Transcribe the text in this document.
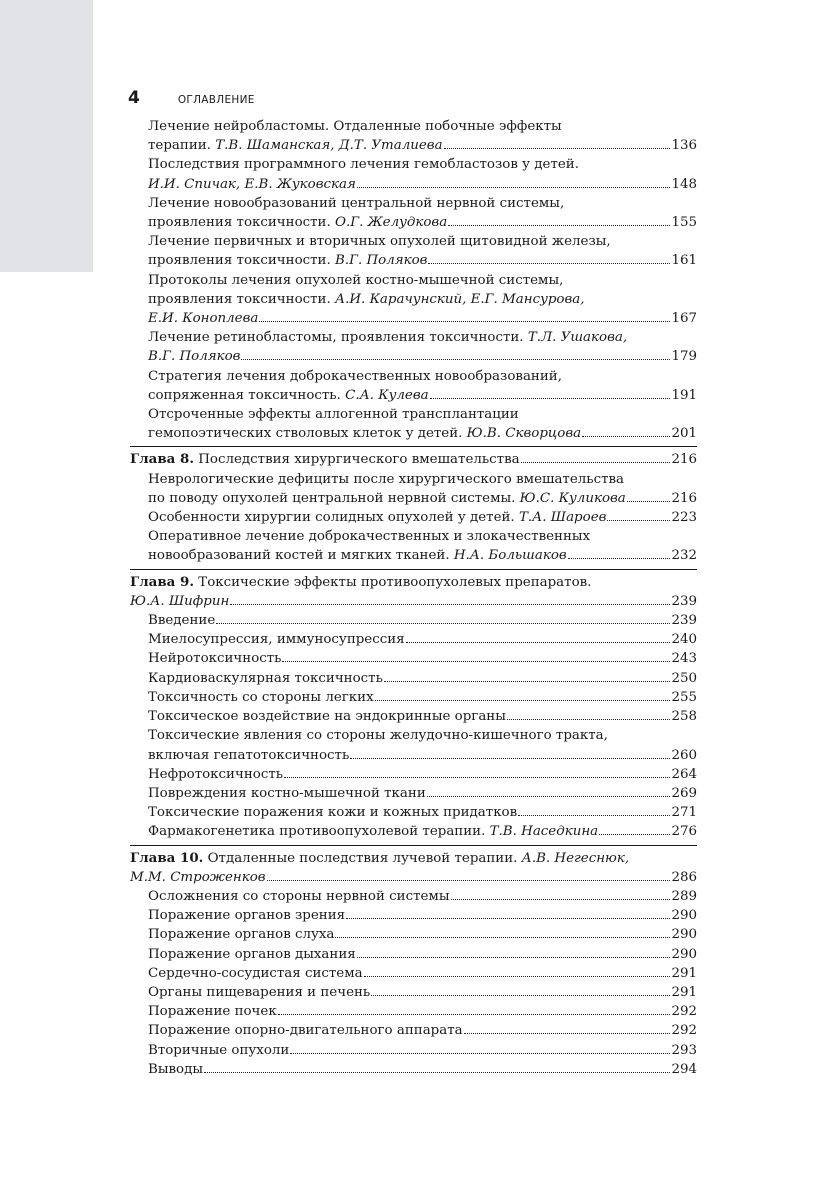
4	ОГЛАВЛЕНИЕ
Лечение нейробластомы. Отдаленные побочные эффекты
терапии. Т.В. Шаманская, Д.Т. Уталиева	136
Последствия программного лечения гемобластозов у детей.
И.И. Спичак, Е.В. Жуковская	148
Лечение новообразований центральной нервной системы,
проявления токсичности. О.Г. Желудкова	155
Лечение первичных и вторичных опухолей щитовидной железы,
проявления токсичности. В.Г. Поляков	161
Протоколы лечения опухолей костно-мышечной системы,
проявления токсичности. А.И. Карачунский, Е.Г. Мансурова,
Е.И. Коноплева	167
Лечение ретинобластомы, проявления токсичности. Т.Л. Ушакова,
В.Г. Поляков	179
Стратегия лечения доброкачественных новообразований,
сопряженная токсичность. С.А. Кулева	191
Отсроченные эффекты аллогенной трансплантации
гемопоэтических стволовых клеток у детей. Ю.В. Скворцова	201
Глава 8. Последствия хирургического вмешательства	216
Неврологические дефициты после хирургического вмешательства
по поводу опухолей центральной нервной системы. Ю.С. Куликова	216
Особенности хирургии солидных опухолей у детей. Т.А. Шароев	223
Оперативное лечение доброкачественных и злокачественных
новообразований костей и мягких тканей. Н.А. Большаков	232
Глава 9. Токсические эффекты противоопухолевых препаратов.
Ю.А. Шифрин	239
Введение	239
Миелосупрессия, иммуносупрессия	240
Нейротоксичность	243
Кардиоваскулярная токсичность	250
Токсичность со стороны легких	255
Токсическое воздействие на эндокринные органы	258
Токсические явления со стороны желудочно-кишечного тракта,
включая гепатотоксичность	260
Нефротоксичность	264
Повреждения костно-мышечной ткани	269
Токсические поражения кожи и кожных придатков	271
Фармакогенетика противоопухолевой терапии. Т.В. Наседкина	276
Глава 10. Отдаленные последствия лучевой терапии. А.В. Негеснюк,
М.М. Строженков	286
Осложнения со стороны нервной системы	289
Поражение органов зрения	290
Поражение органов слуха	290
Поражение органов дыхания	290
Сердечно-сосудистая система	291
Органы пищеварения и печень	291
Поражение почек	292
Поражение опорно-двигательного аппарата	292
Вторичные опухоли	293
Выводы	294
